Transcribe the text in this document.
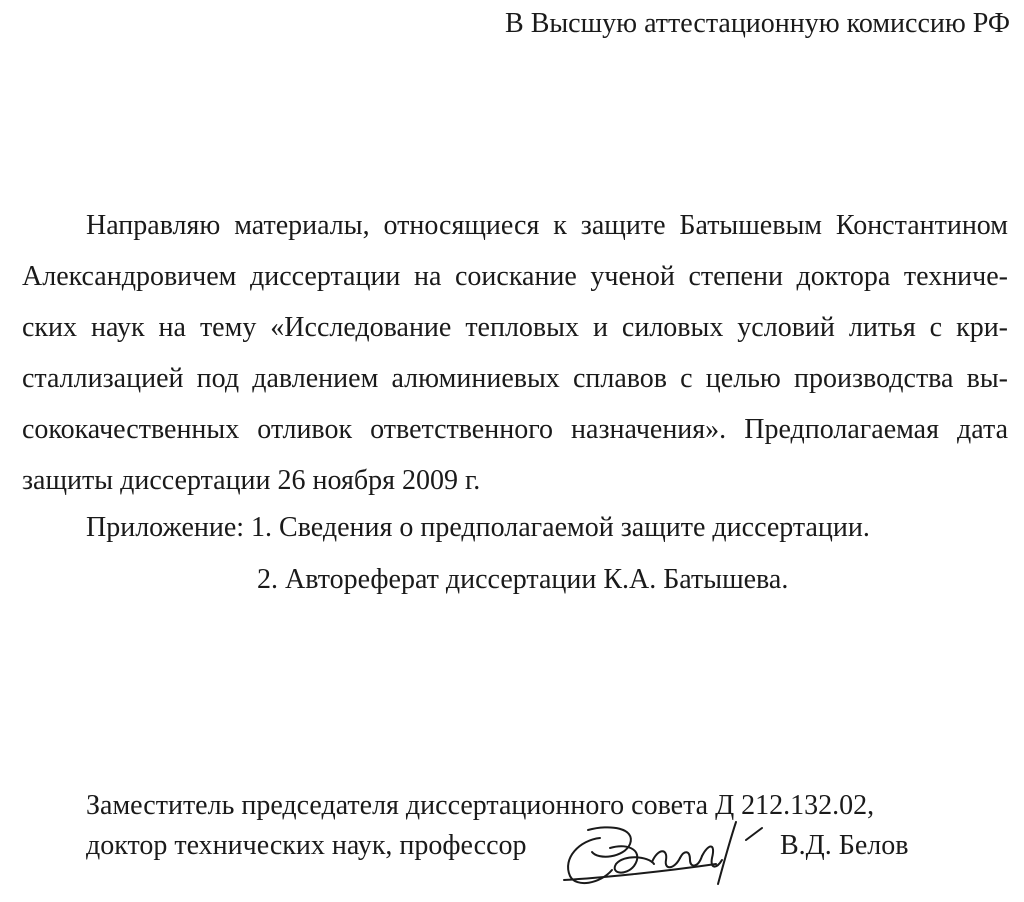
В Высшую аттестационную комиссию РФ
Направляю материалы, относящиеся к защите Батышевым Константином
Александровичем диссертации на соискание ученой степени доктора техниче-
ских наук на тему «Исследование тепловых и силовых условий литья с кри-
сталлизацией под давлением алюминиевых сплавов с целью производства вы-
сококачественных отливок ответственного назначения». Предполагаемая дата
защиты диссертации 26 ноября 2009 г.
Приложение: 1. Сведения о предполагаемой защите диссертации.
2. Автореферат диссертации К.А. Батышева.
Заместитель председателя диссертационного совета Д 212.132.02,
доктор технических наук, профессор	В.Д. Белов
